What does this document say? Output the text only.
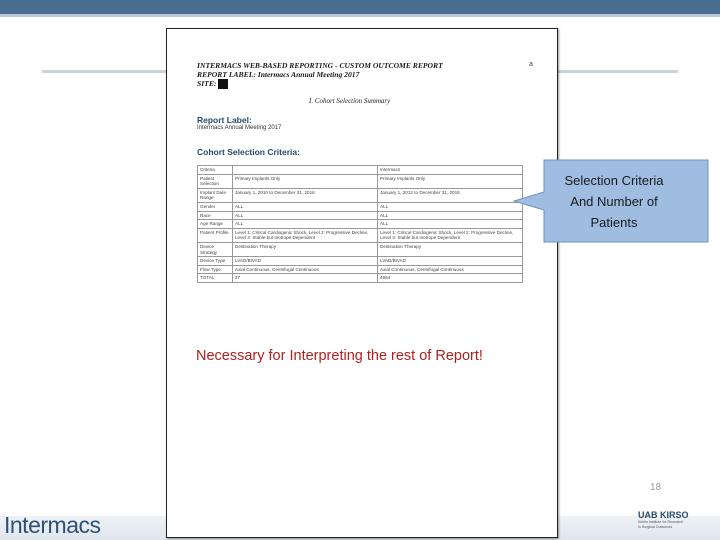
INTERMACS WEB-BASED REPORTING - CUSTOM OUTCOME REPORT
REPORT LABEL: Intermacs Annual Meeting 2017
SITE:
a
I. Cohort Selection Summary
Report Label:
Intermacs Annual Meeting 2017
Cohort Selection Criteria:
Criteria		Intermacs
Patient Selection	Primary Implants Only	Primary Implants Only
Implant Date Range	January 1, 2010 to December 31, 2016	January 1, 2012 to December 31, 2016
Gender	ALL	ALL
Race	ALL	ALL
Age Range	ALL	ALL
Patient Profile	Level 1: Critical Cardiogenic Shock, Level 2: Progressive Decline, Level 3: Stable but Inotrope Dependent	Level 1: Critical Cardiogenic Shock, Level 2: Progressive Decline, Level 3: Stable but Inotrope Dependent
Device Strategy	Destination Therapy	Destination Therapy
Device Type	LVAD/BIVAD	LVAD/BIVAD
Flow Type	Axial Continuous, Centrifugal Continuous	Axial Continuous, Centrifugal Continuous
TOTAL	27	4964
Selection Criteria
And Number of
Patients
Necessary for Interpreting the rest of Report!
18
Intermacs	UAB KIRSO
Kirklin Institute for Research
in Surgical Outcomes
